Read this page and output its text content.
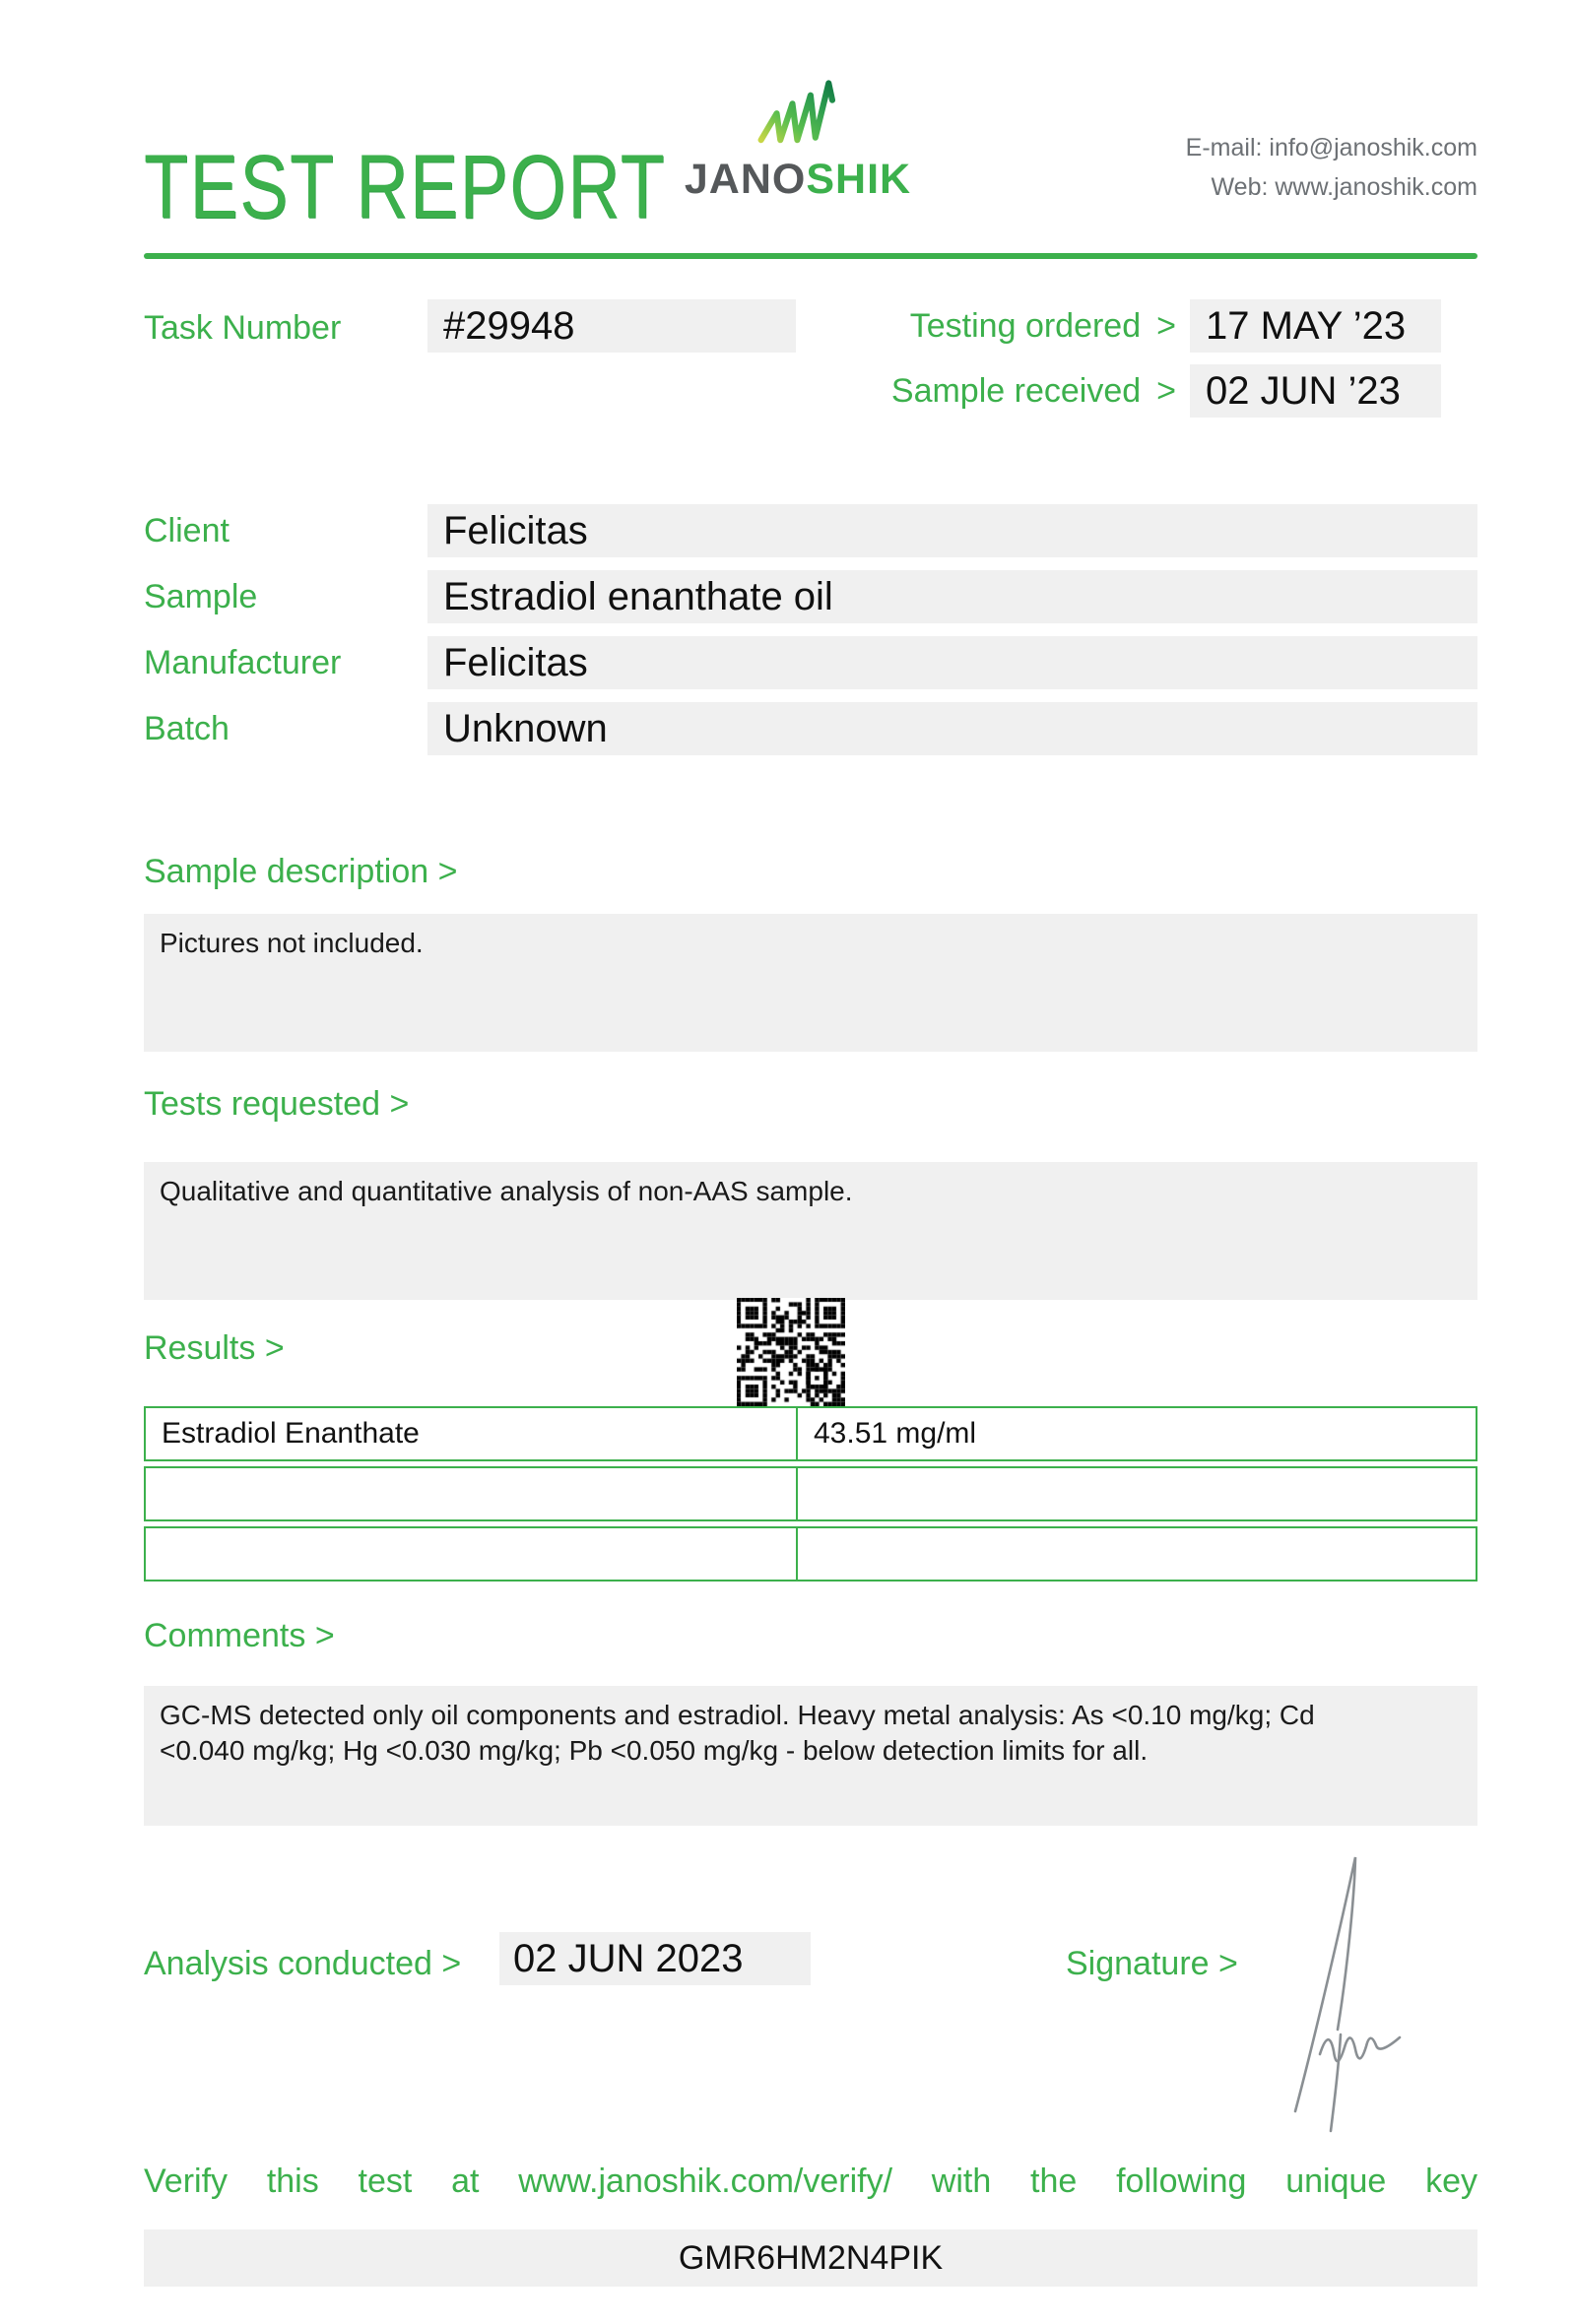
TEST REPORT JANOSHIK
E-mail: info@janoshik.com
Web: www.janoshik.com
Task Number	#29948	Testing ordered > 17 MAY ’23
Sample received > 02 JUN ’23
Client	Felicitas
Sample	Estradiol enanthate oil
Manufacturer	Felicitas
Batch	Unknown
Sample description >

Pictures not included.

Tests requested >

Qualitative and quantitative analysis of non-AAS sample.

Results >
Estradiol Enanthate	43.51 mg/ml
Comments >

GC-MS detected only oil components and estradiol. Heavy metal analysis: As <0.10 mg/kg; Cd <0.040 mg/kg; Hg <0.030 mg/kg; Pb <0.050 mg/kg - below detection limits for all.

Analysis conducted >	02 JUN 2023	Signature >
Verify this test at www.janoshik.com/verify/ with the following unique key
GMR6HM2N4PIK
